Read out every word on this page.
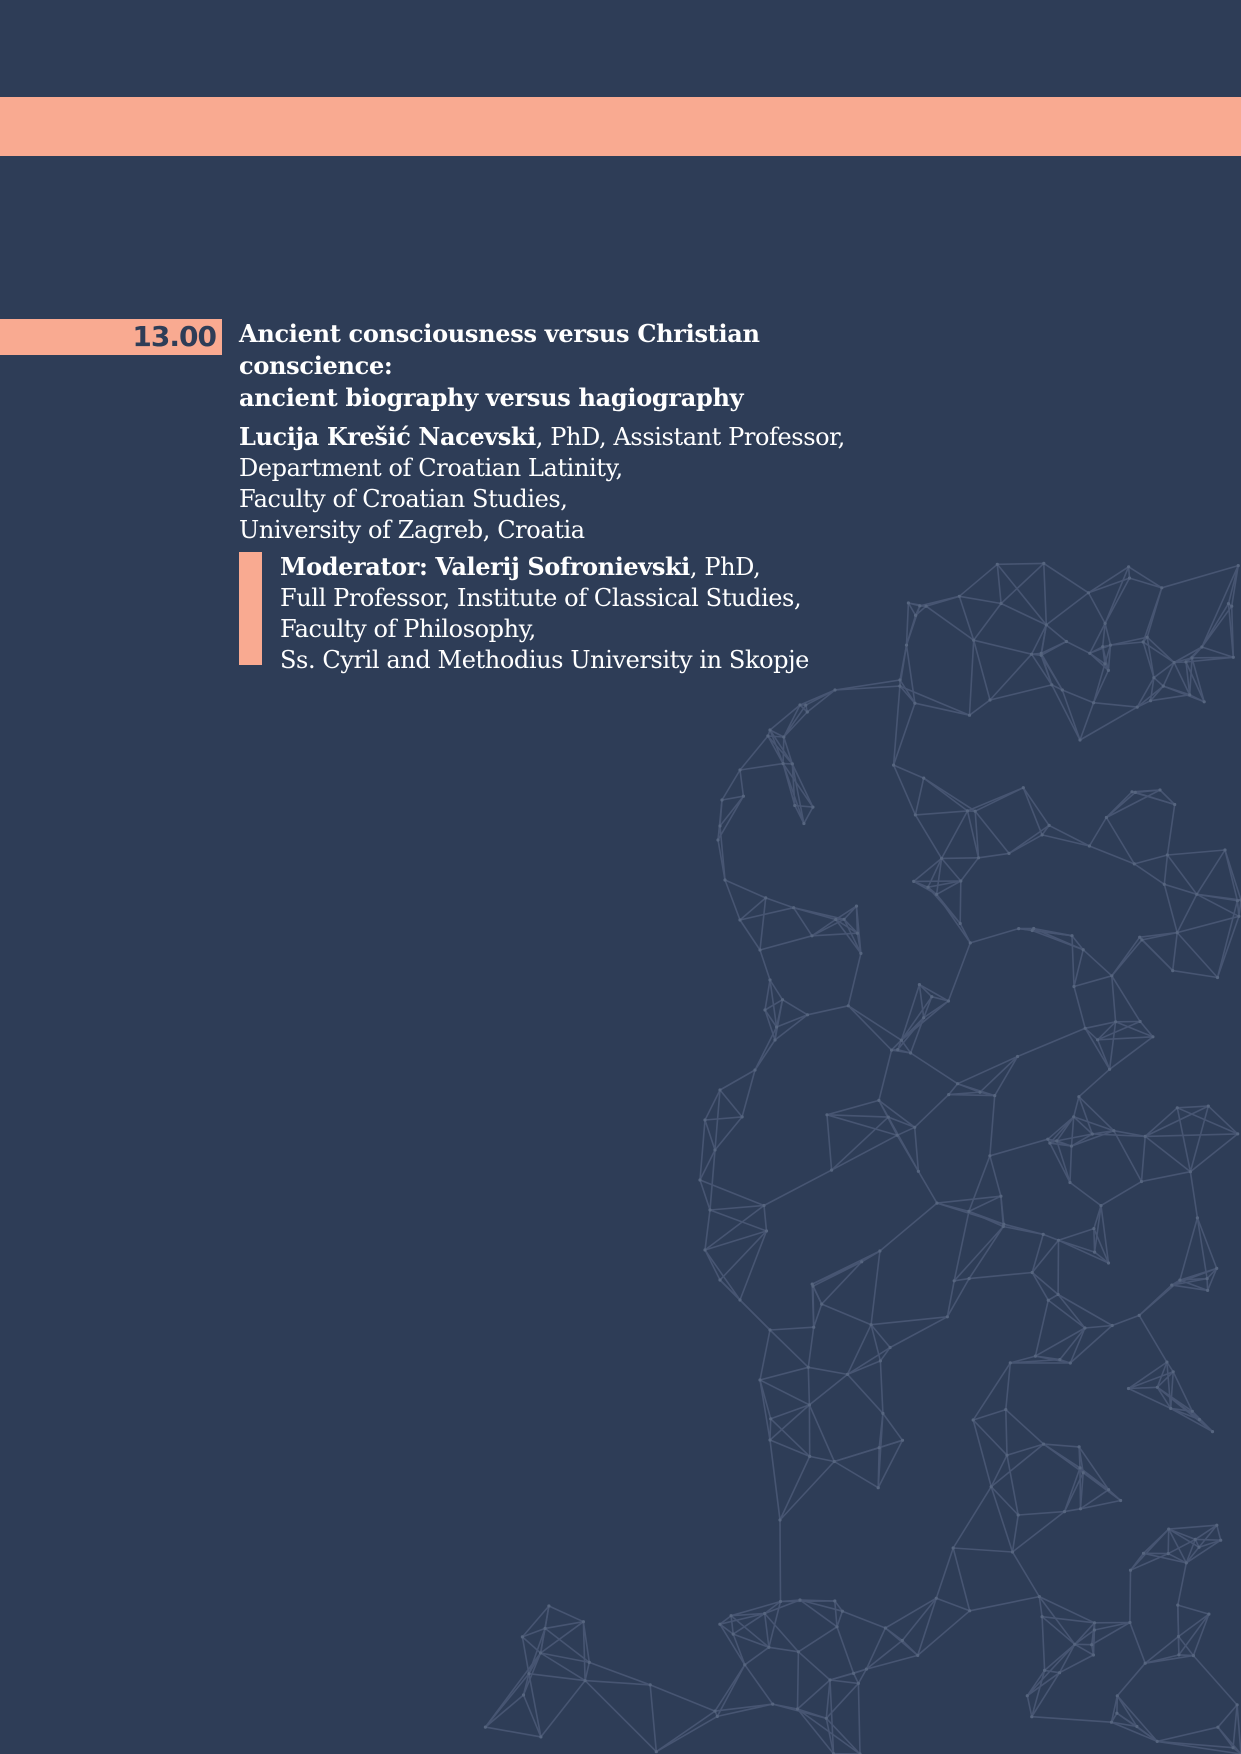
13.00 Ancient consciousness versus Christian conscience:
ancient biography versus hagiography
Lucija Krešić Nacevski, PhD, Assistant Professor,
Department of Croatian Latinity,
Faculty of Croatian Studies,
University of Zagreb, Croatia
Moderator: Valerij Sofronievski, PhD,
Full Professor, Institute of Classical Studies,
Faculty of Philosophy,
Ss. Cyril and Methodius University in Skopje
